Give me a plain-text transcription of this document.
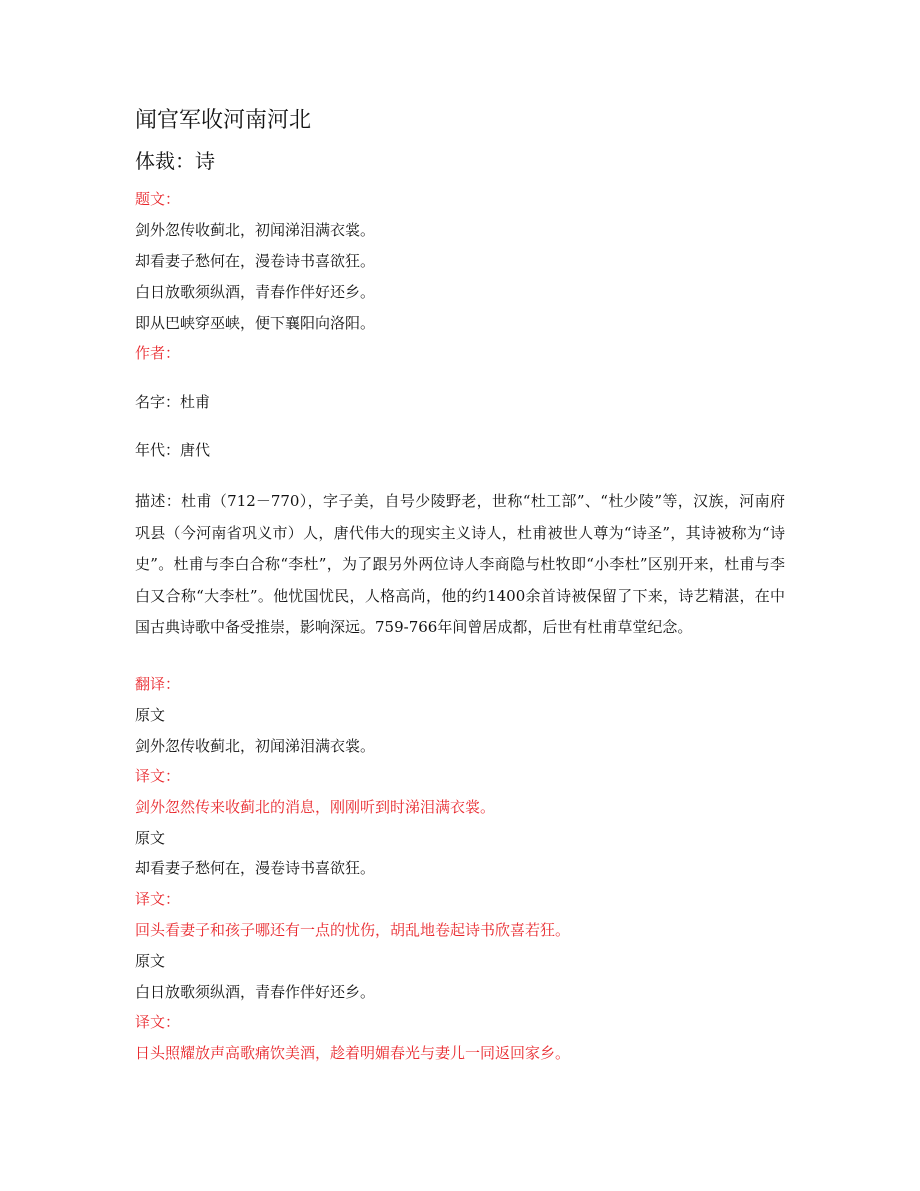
闻官军收河南河北
体裁：诗
题文：
剑外忽传收蓟北，初闻涕泪满衣裳。
却看妻子愁何在，漫卷诗书喜欲狂。
白日放歌须纵酒，青春作伴好还乡。
即从巴峡穿巫峡，便下襄阳向洛阳。
作者：
名字：杜甫
年代：唐代
描述：杜甫（712－770），字子美，自号少陵野老，世称“杜工部”、“杜少陵”等，汉族，河南府巩县（今河南省巩义市）人，唐代伟大的现实主义诗人，杜甫被世人尊为“诗圣”，其诗被称为“诗史”。杜甫与李白合称“李杜”，为了跟另外两位诗人李商隐与杜牧即“小李杜”区别开来，杜甫与李白又合称“大李杜”。他忧国忧民，人格高尚，他的约1400余首诗被保留了下来，诗艺精湛，在中国古典诗歌中备受推崇，影响深远。759-766年间曾居成都，后世有杜甫草堂纪念。
翻译：
原文
剑外忽传收蓟北，初闻涕泪满衣裳。
译文：
剑外忽然传来收蓟北的消息，刚刚听到时涕泪满衣裳。
原文
却看妻子愁何在，漫卷诗书喜欲狂。
译文：
回头看妻子和孩子哪还有一点的忧伤，胡乱地卷起诗书欣喜若狂。
原文
白日放歌须纵酒，青春作伴好还乡。
译文：
日头照耀放声高歌痛饮美酒，趁着明媚春光与妻儿一同返回家乡。
